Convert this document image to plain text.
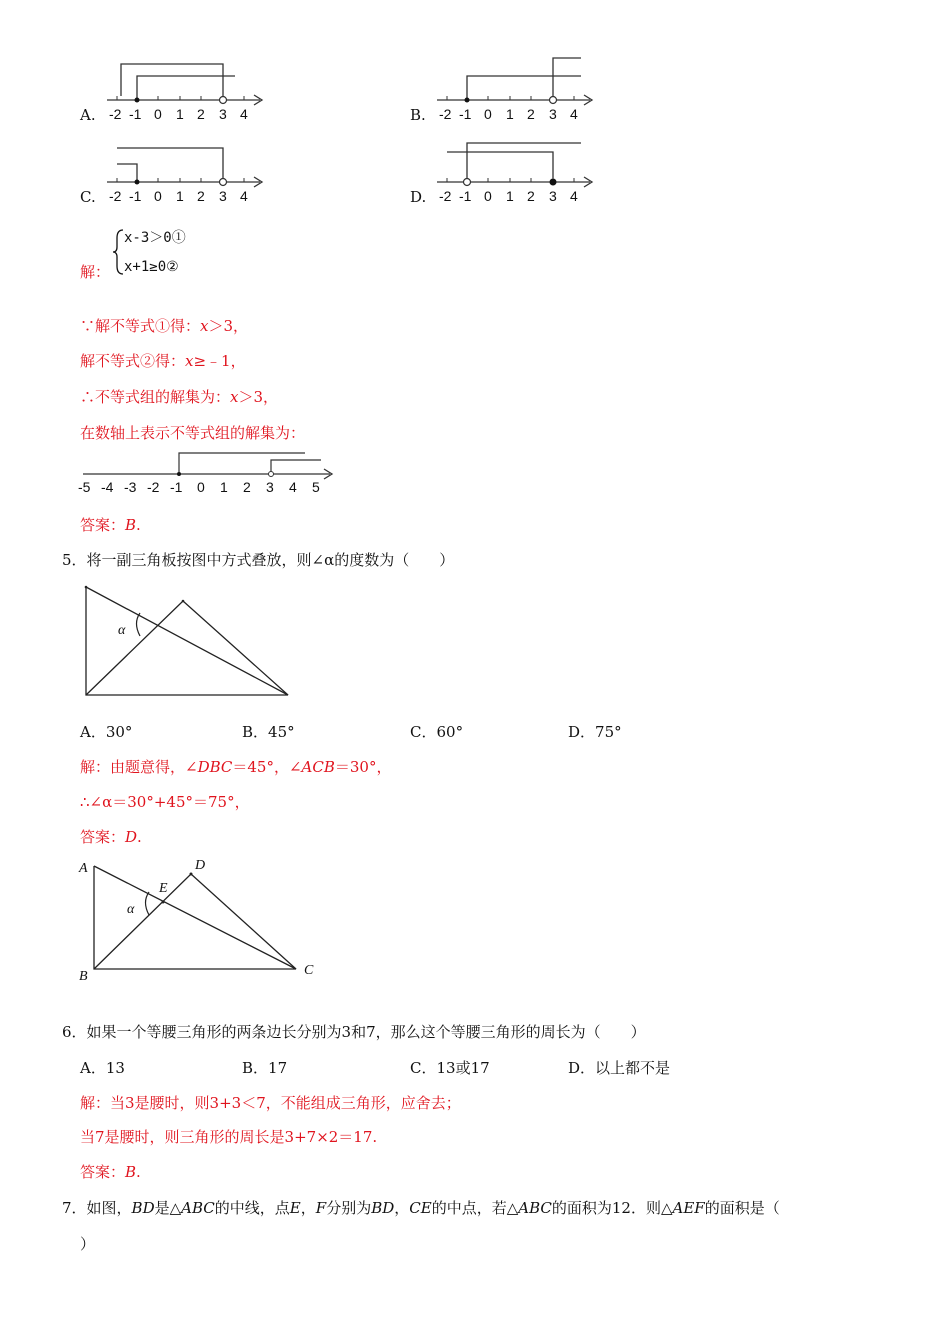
A. -2 -1 0 1 2 3 4	B. -2 -1 0 1 2 3 4
C. -2 -1 0 1 2 3 4	D. -2 -1 0 1 2 3 4
解：
x-3＞0①
x+1≥0②
∵解不等式①得：x＞3，
解不等式②得：x≥﹣1，
∴不等式组的解集为：x＞3，
在数轴上表示不等式组的解集为：
-5 -4 -3 -2 -1 0 1 2 3 4 5
答案：B.
5．将一副三角板按图中方式叠放，则∠α的度数为（　　）
α
A．30°	B．45°	C．60°	D．75°
解：由题意得，∠DBC＝45°，∠ACB＝30°，
∴∠α＝30°+45°＝75°，
答案：D.
A
B	C
D
E
α
6．如果一个等腰三角形的两条边长分别为3和7，那么这个等腰三角形的周长为（　　）
A．13	B．17	C．13或17	D．以上都不是
解：当3是腰时，则3+3＜7，不能组成三角形，应舍去；
当7是腰时，则三角形的周长是3+7×2＝17.
答案：B.
7．如图，BD是△ABC的中线，点E，F分别为BD，CE的中点，若△ABC的面积为12．则△AEF的面积是（
）
